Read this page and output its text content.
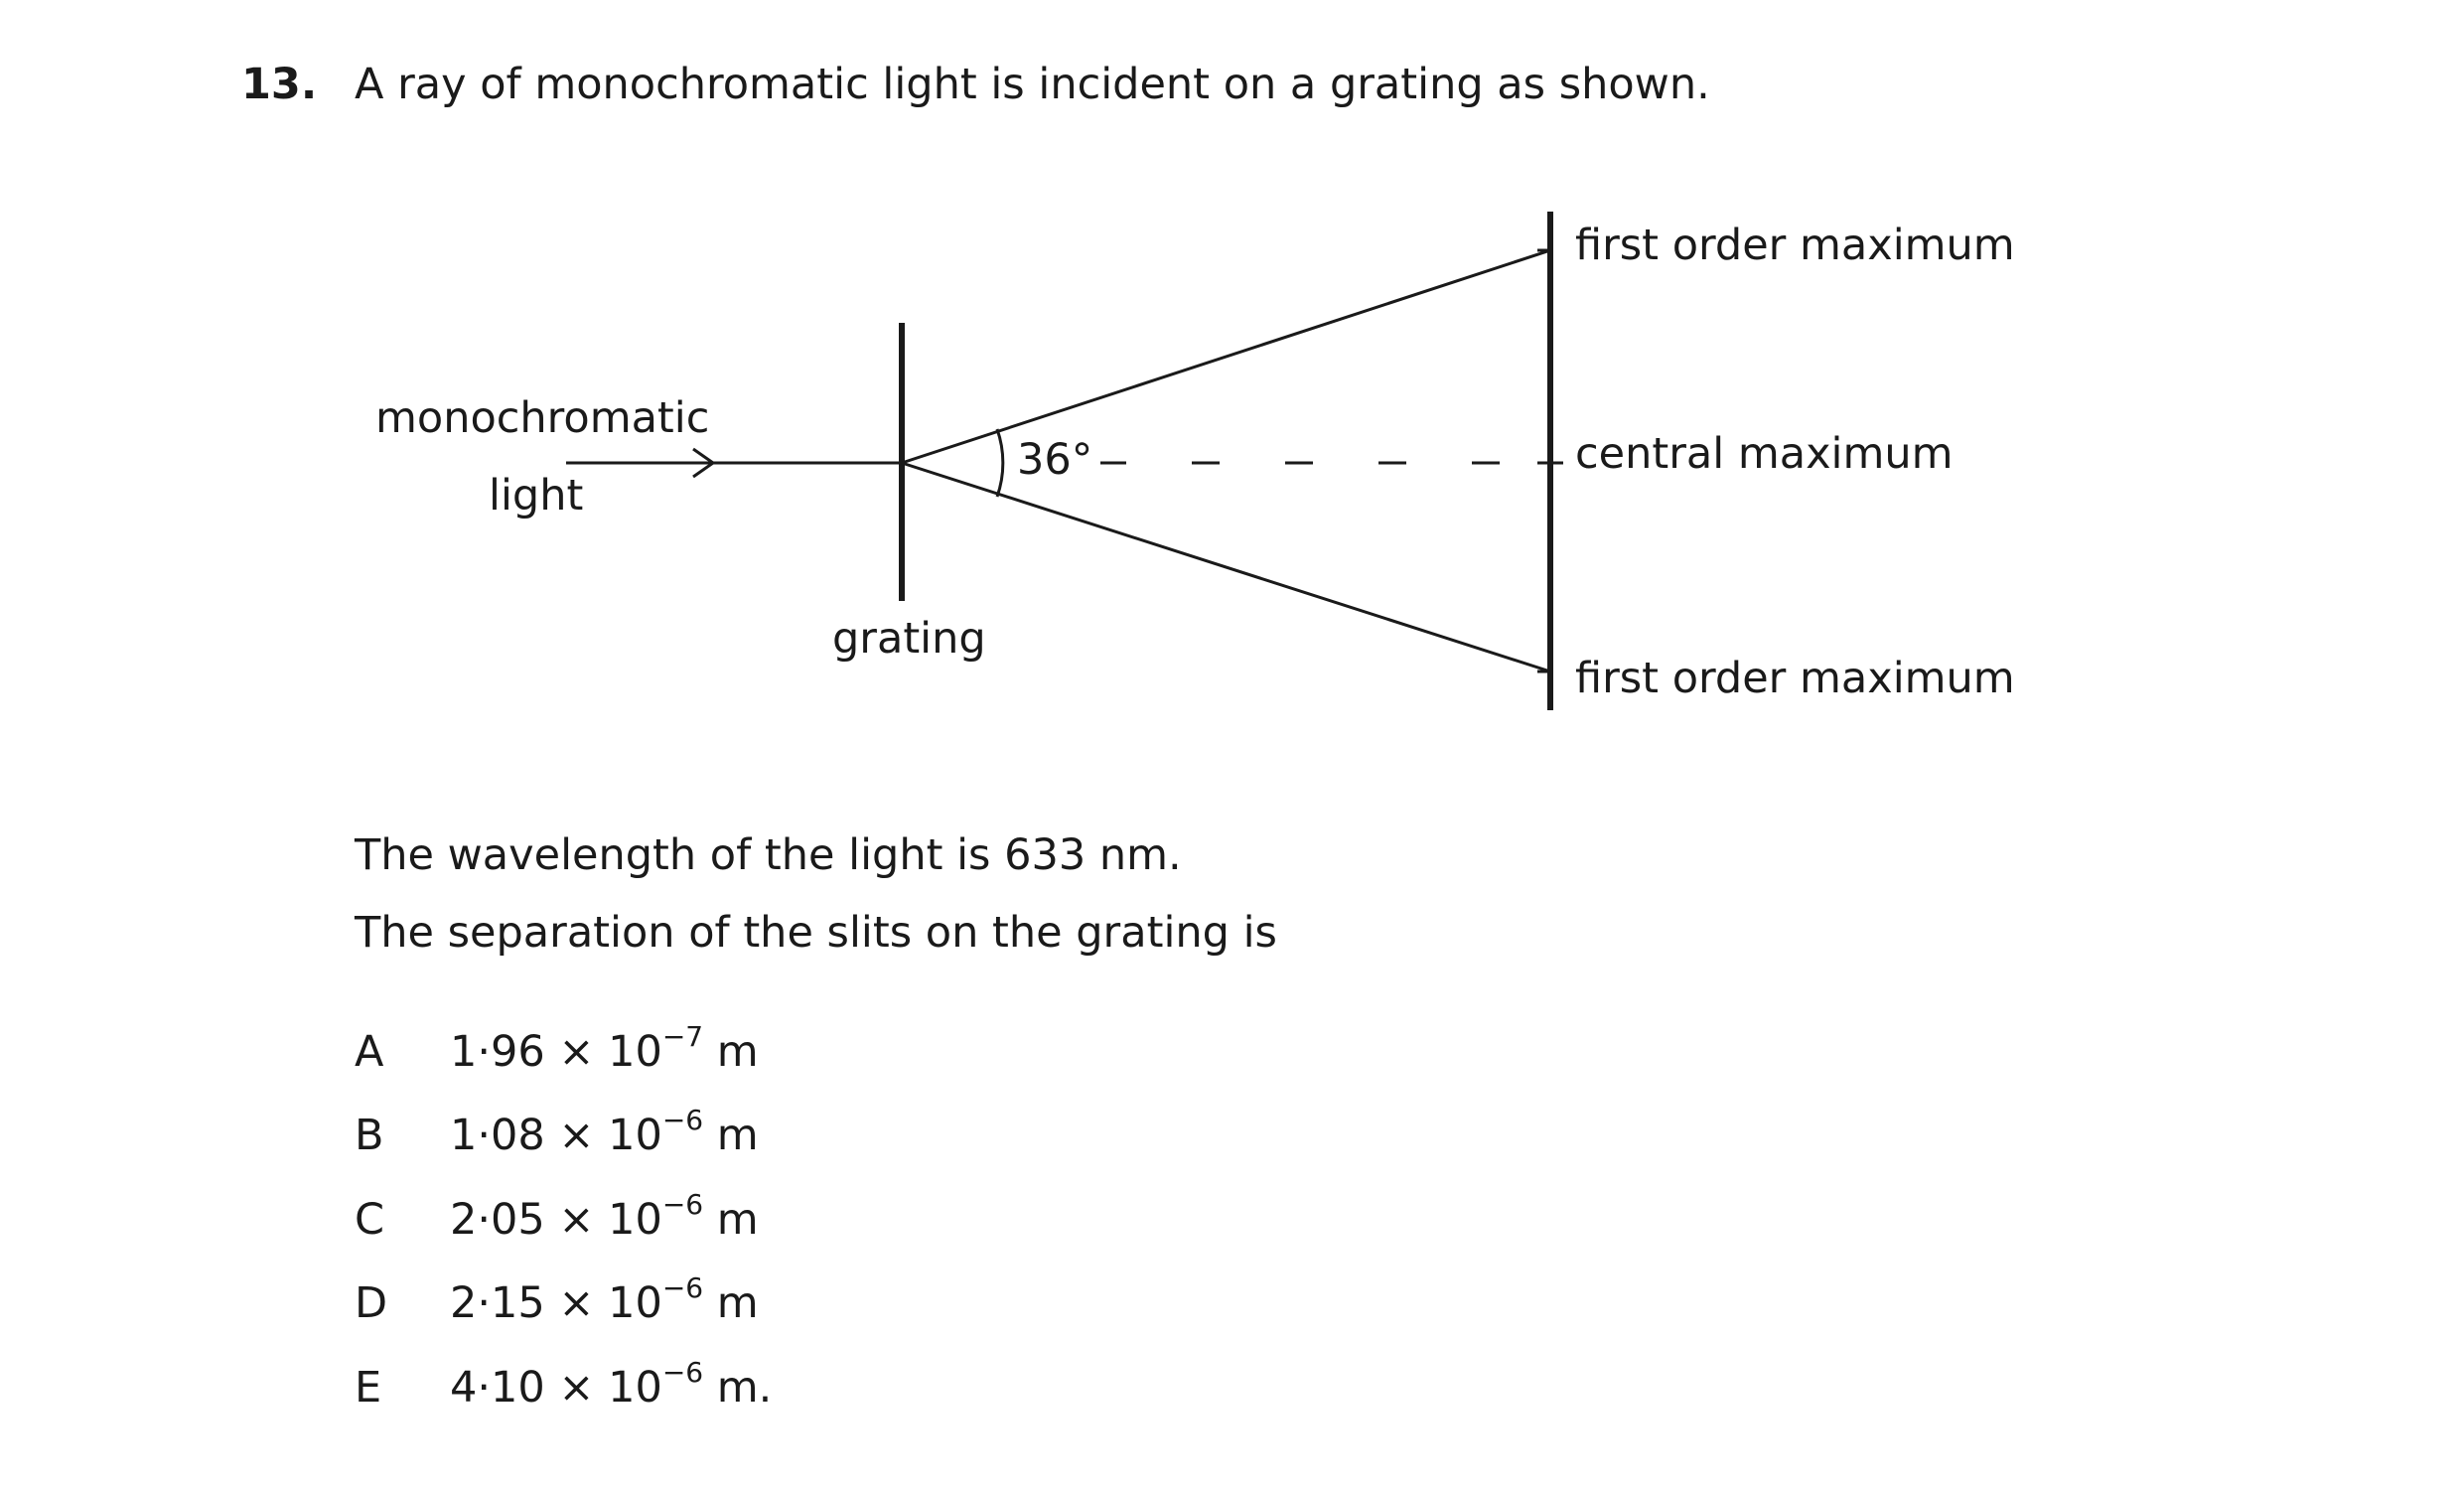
13. A ray of monochromatic light is incident on a grating as shown.
monochromatic
light
grating
36°
first order maximum
central maximum
first order maximum
The wavelength of the light is 633 nm.
The separation of the slits on the grating is
A $1\cdot 96 \times 10^{-7}$ m
B $1\cdot 08 \times 10^{-6}$ m
C $2\cdot 05 \times 10^{-6}$ m
D $2\cdot 15 \times 10^{-6}$ m
E $4\cdot 10 \times 10^{-6}$ m.
